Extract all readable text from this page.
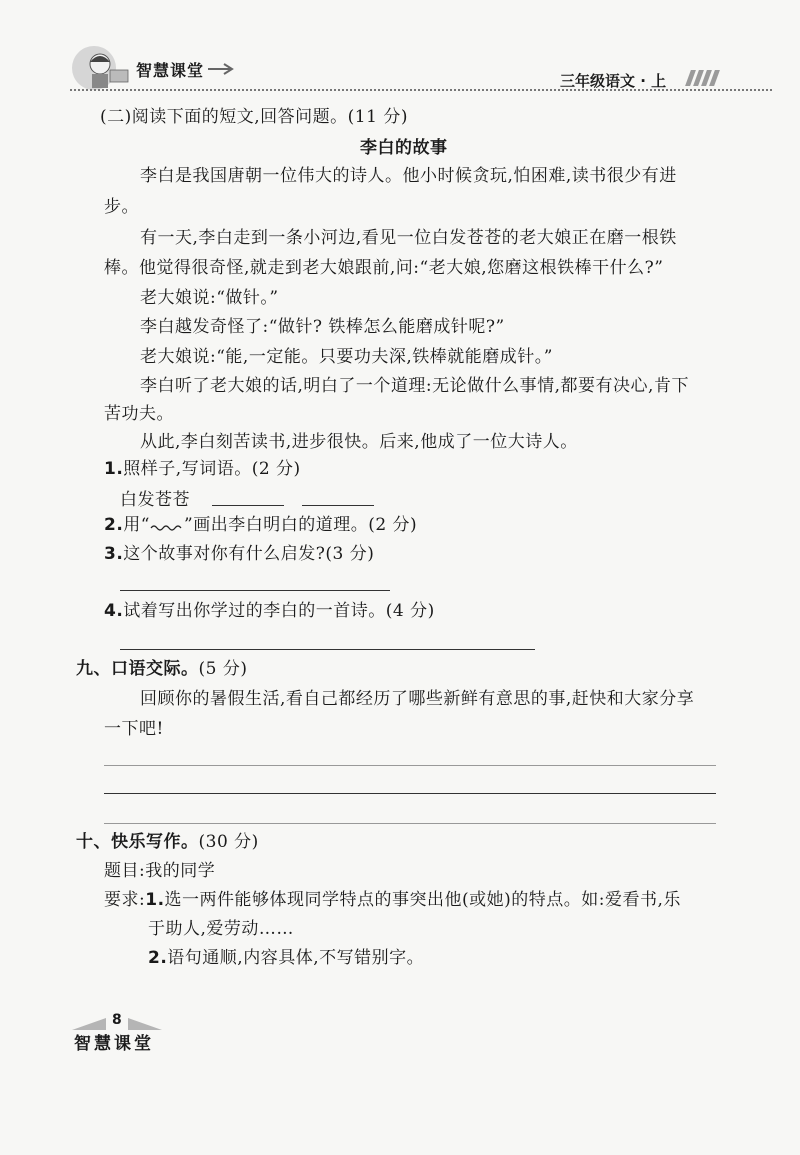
智慧课堂
三年级语文 · 上
(二)阅读下面的短文,回答问题。(11 分)
李白的故事
李白是我国唐朝一位伟大的诗人。他小时候贪玩,怕困难,读书很少有进
步。
有一天,李白走到一条小河边,看见一位白发苍苍的老大娘正在磨一根铁
棒。他觉得很奇怪,就走到老大娘跟前,问:“老大娘,您磨这根铁棒干什么?”
老大娘说:“做针。”
李白越发奇怪了:“做针? 铁棒怎么能磨成针呢?”
老大娘说:“能,一定能。只要功夫深,铁棒就能磨成针。”
李白听了老大娘的话,明白了一个道理:无论做什么事情,都要有决心,肯下
苦功夫。
从此,李白刻苦读书,进步很快。后来,他成了一位大诗人。
1.照样子,写词语。(2 分)
白发苍苍
2.用“ ”画出李白明白的道理。(2 分)
3.这个故事对你有什么启发?(3 分)
4.试着写出你学过的李白的一首诗。(4 分)
九、口语交际。(5 分)
回顾你的暑假生活,看自己都经历了哪些新鲜有意思的事,赶快和大家分享
一下吧!
十、快乐写作。(30 分)
题目:我的同学
要求:1.选一两件能够体现同学特点的事突出他(或她)的特点。如:爱看书,乐
于助人,爱劳动……
2.语句通顺,内容具体,不写错别字。
8
智慧课堂
